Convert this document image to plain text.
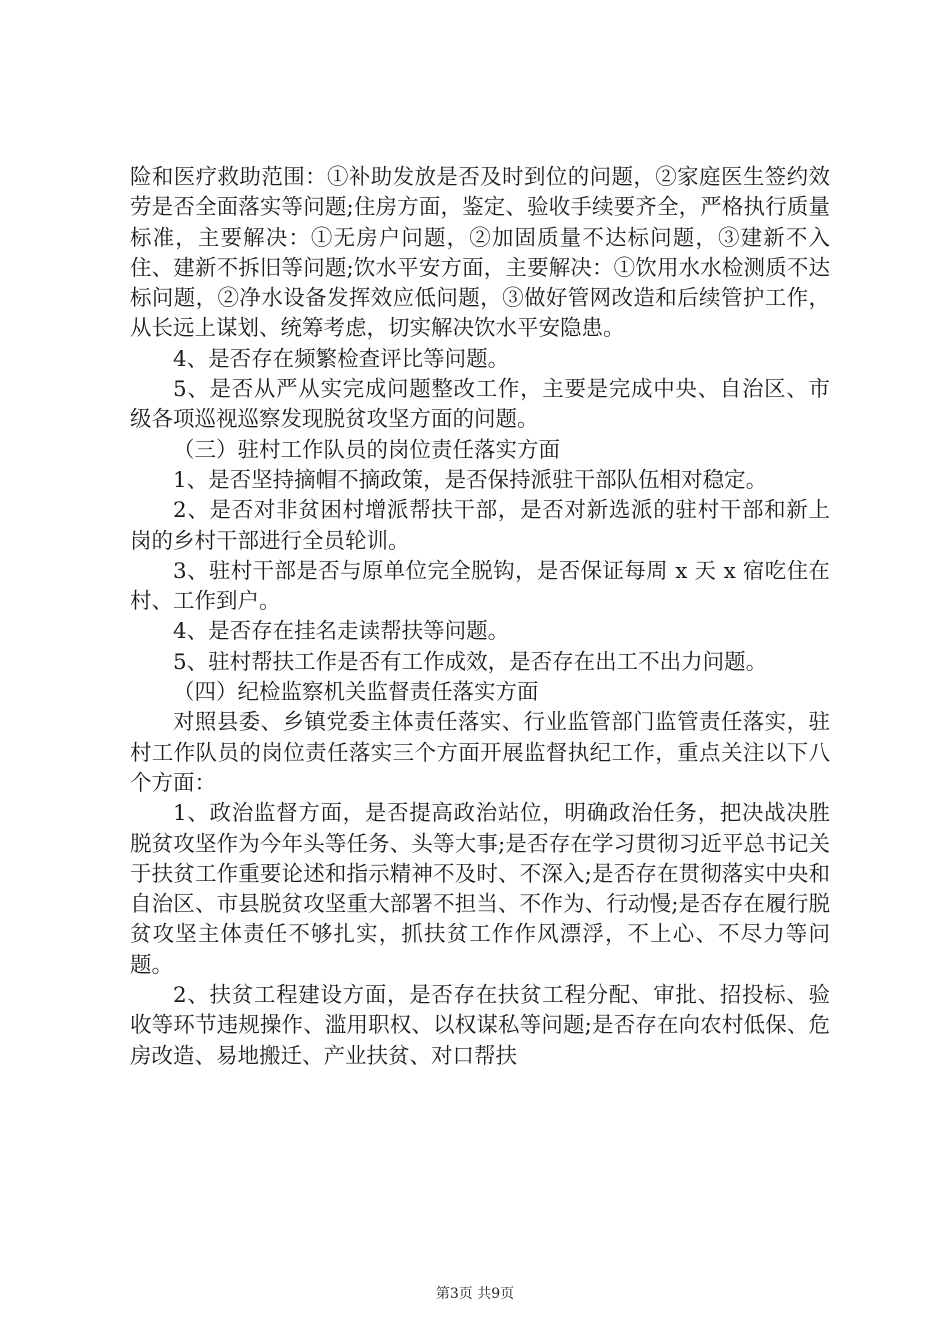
险和医疗救助范围：①补助发放是否及时到位的问题，②家庭医生签约效劳是否全面落实等问题;住房方面，鉴定、验收手续要齐全，严格执行质量标准，主要解决：①无房户问题，②加固质量不达标问题，③建新不入住、建新不拆旧等问题;饮水平安方面，主要解决：①饮用水水检测质不达标问题，②净水设备发挥效应低问题，③做好管网改造和后续管护工作，从长远上谋划、统筹考虑，切实解决饮水平安隐患。

4、是否存在频繁检查评比等问题。

5、是否从严从实完成问题整改工作，主要是完成中央、自治区、市级各项巡视巡察发现脱贫攻坚方面的问题。

（三）驻村工作队员的岗位责任落实方面

1、是否坚持摘帽不摘政策，是否保持派驻干部队伍相对稳定。

2、是否对非贫困村增派帮扶干部，是否对新选派的驻村干部和新上岗的乡村干部进行全员轮训。

3、驻村干部是否与原单位完全脱钩，是否保证每周 x 天 x 宿吃住在村、工作到户。

4、是否存在挂名走读帮扶等问题。

5、驻村帮扶工作是否有工作成效，是否存在出工不出力问题。

（四）纪检监察机关监督责任落实方面

对照县委、乡镇党委主体责任落实、行业监管部门监管责任落实，驻村工作队员的岗位责任落实三个方面开展监督执纪工作，重点关注以下八个方面：

1、政治监督方面，是否提高政治站位，明确政治任务，把决战决胜脱贫攻坚作为今年头等任务、头等大事;是否存在学习贯彻习近平总书记关于扶贫工作重要论述和指示精神不及时、不深入;是否存在贯彻落实中央和自治区、市县脱贫攻坚重大部署不担当、不作为、行动慢;是否存在履行脱贫攻坚主体责任不够扎实，抓扶贫工作作风漂浮，不上心、不尽力等问题。

2、扶贫工程建设方面，是否存在扶贫工程分配、审批、招投标、验收等环节违规操作、滥用职权、以权谋私等问题;是否存在向农村低保、危房改造、易地搬迁、产业扶贫、对口帮扶

第3页 共9页
